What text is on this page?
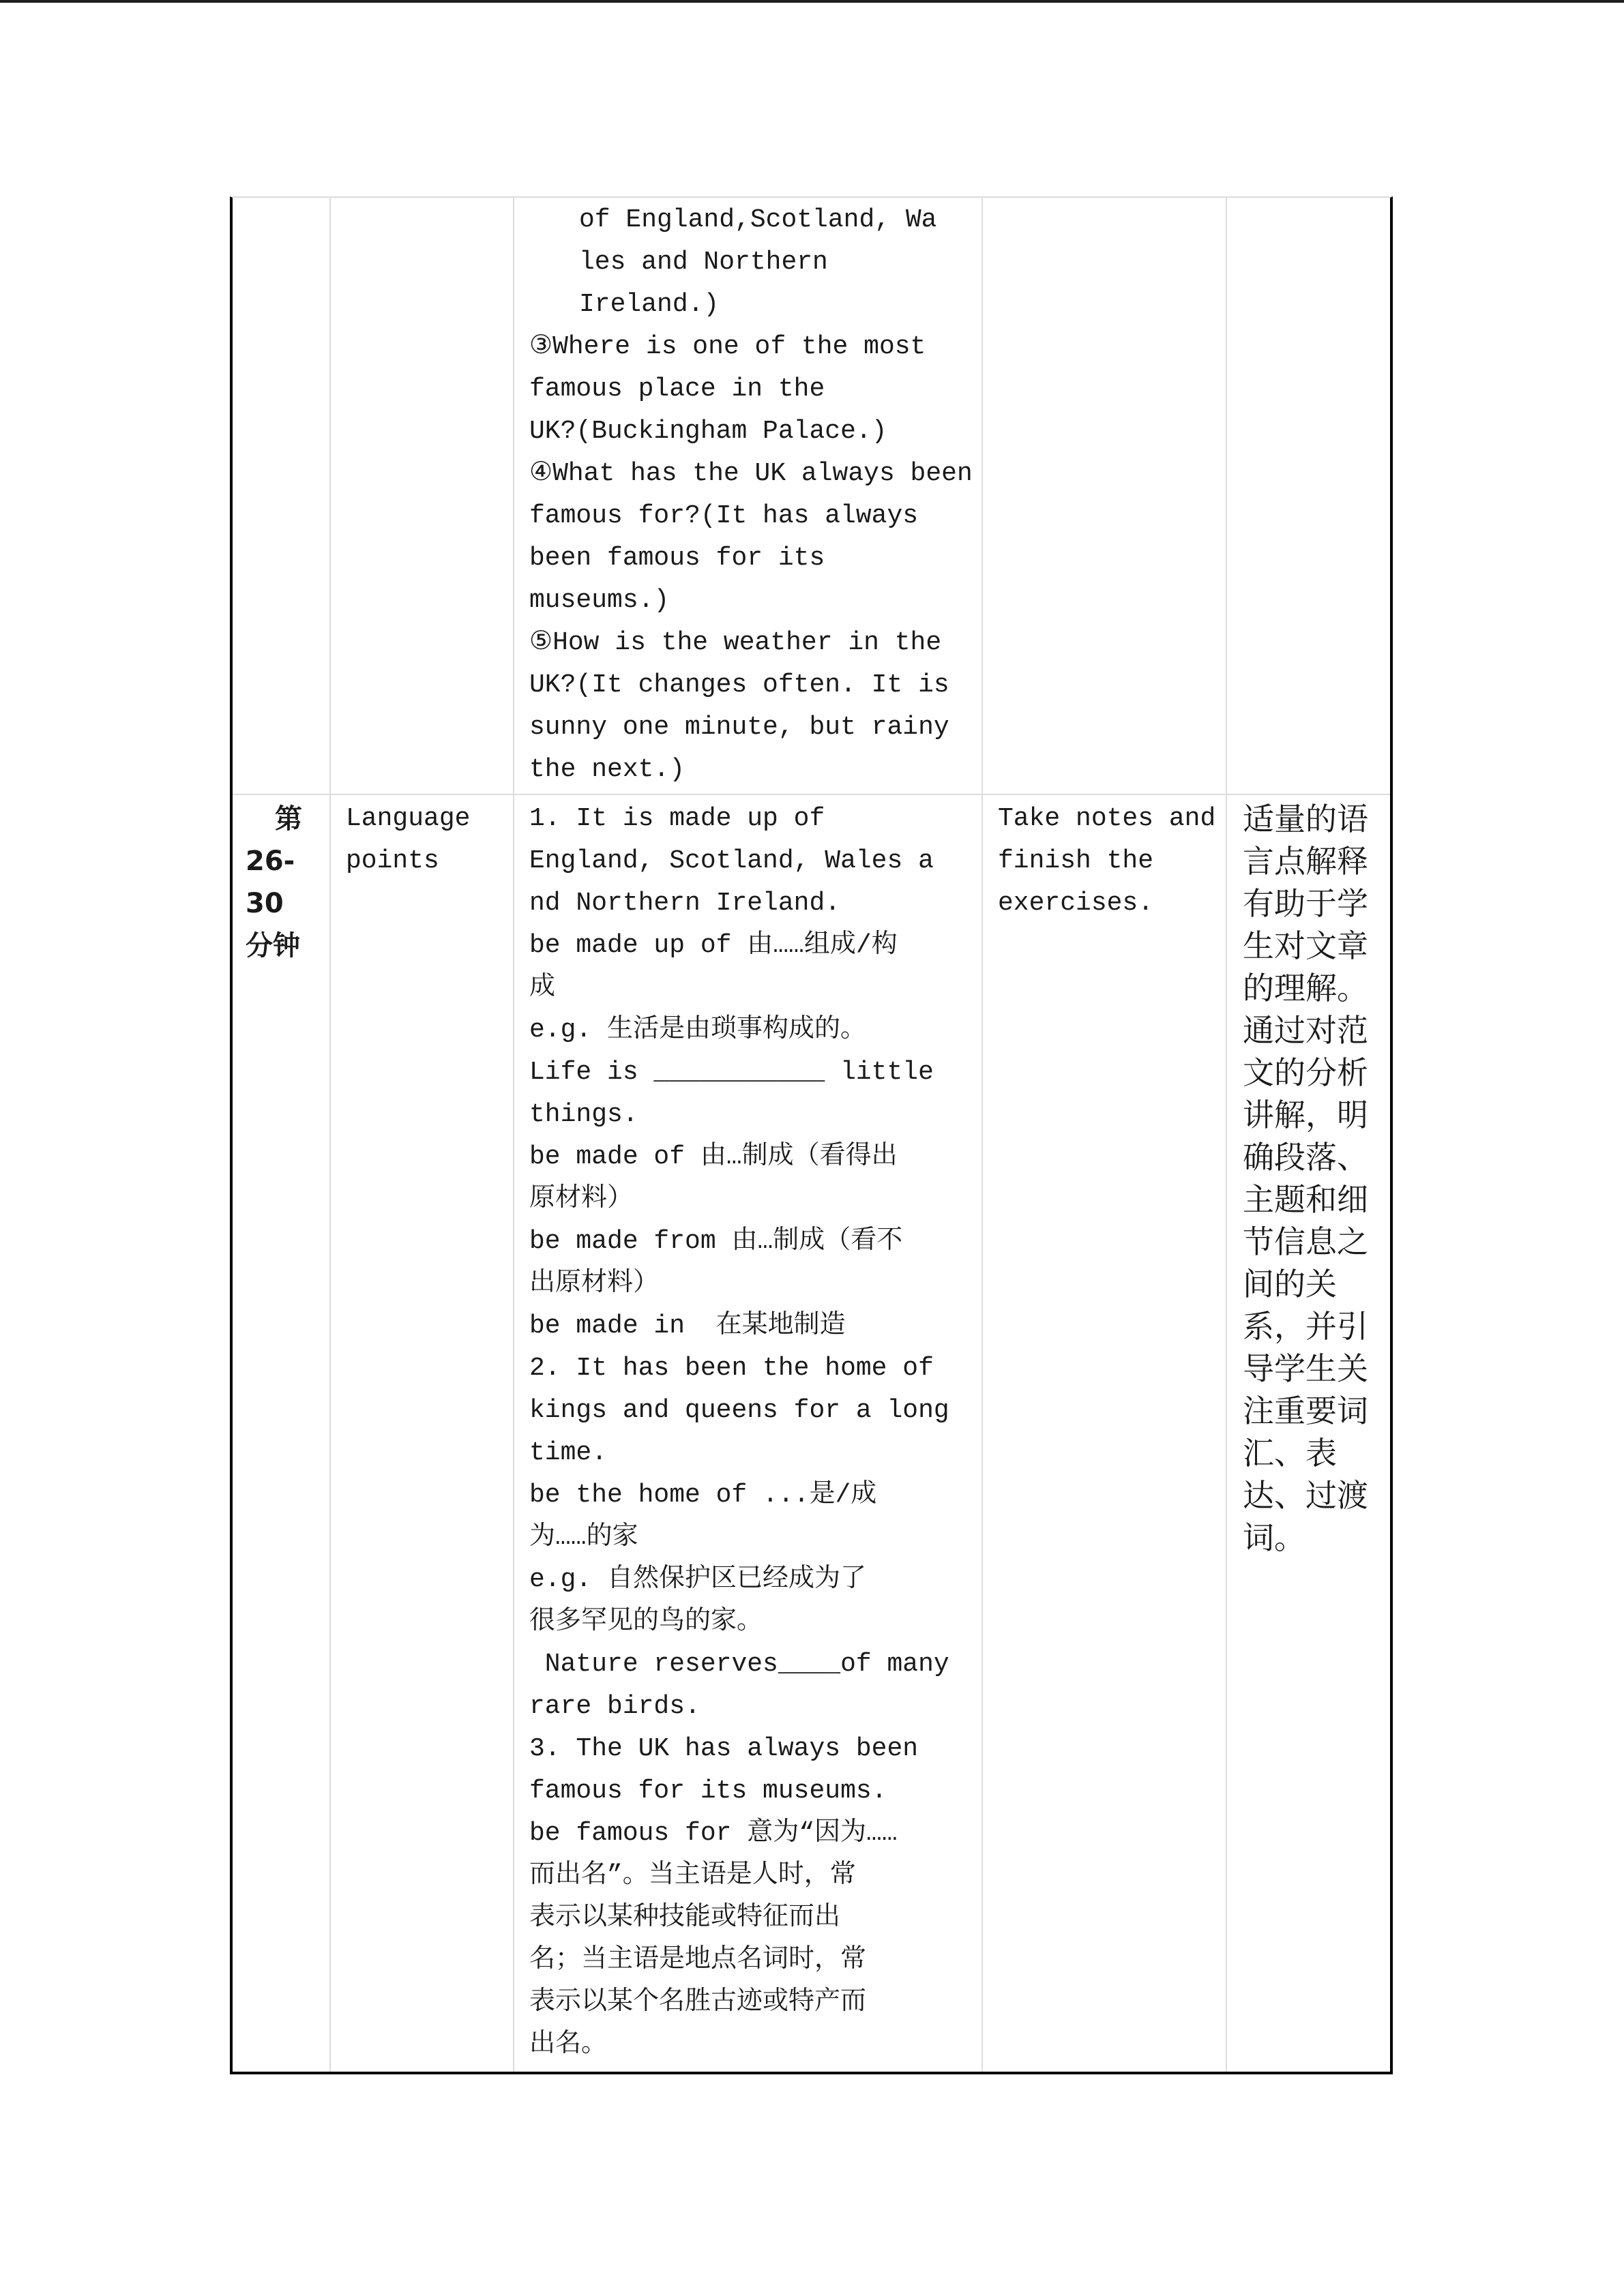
of England,Scotland, Wa
les and Northern
Ireland.)
③Where is one of the most
famous place in the
UK?(Buckingham Palace.)
④What has the UK always been
famous for?(It has always
been famous for its
museums.)
⑤How is the weather in the
UK?(It changes often. It is
sunny one minute, but rainy
the next.)
第
26-
30
分钟
Language
points
1. It is made up of
England, Scotland, Wales a
nd Northern Ireland.
be made up of 由……组成/构
成
e.g. 生活是由琐事构成的。
Life is ___________ little
things.
be made of 由…制成（看得出
原材料）
be made from 由…制成（看不
出原材料）
be made in  在某地制造
2. It has been the home of
kings and queens for a long
time.
be the home of ...是/成
为……的家
e.g. 自然保护区已经成为了
很多罕见的鸟的家。
Nature reserves____of many
rare birds.
3. The UK has always been
famous for its museums.
be famous for 意为“因为……
而出名”。当主语是人时，常
表示以某种技能或特征而出
名；当主语是地点名词时，常
表示以某个名胜古迹或特产而
出名。
Take notes and
finish the
exercises.
适量的语
言点解释
有助于学
生对文章
的理解。
通过对范
文的分析
讲解，明
确段落、
主题和细
节信息之
间的关
系，并引
导学生关
注重要词
汇、表
达、过渡
词。
